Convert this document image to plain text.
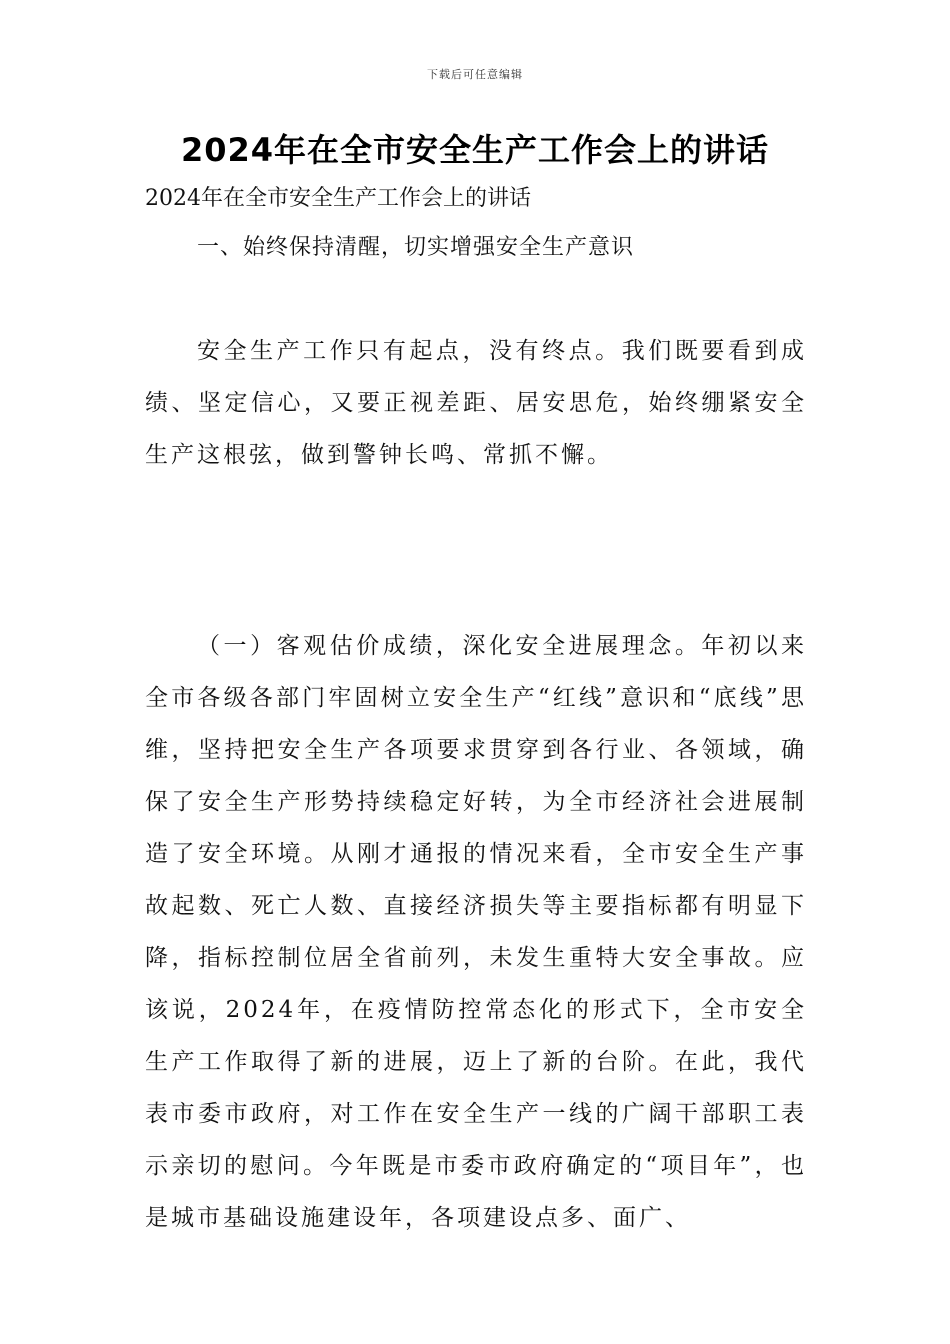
下载后可任意编辑
2024年在全市安全生产工作会上的讲话

2024年在全市安全生产工作会上的讲话

一、始终保持清醒，切实增强安全生产意识

安全生产工作只有起点，没有终点。我们既要看到成绩、坚定信心，又要正视差距、居安思危，始终绷紧安全生产这根弦，做到警钟长鸣、常抓不懈。

（一）客观估价成绩，深化安全进展理念。年初以来全市各级各部门牢固树立安全生产“红线”意识和“底线”思维，坚持把安全生产各项要求贯穿到各行业、各领域，确保了安全生产形势持续稳定好转，为全市经济社会进展制造了安全环境。从刚才通报的情况来看，全市安全生产事故起数、死亡人数、直接经济损失等主要指标都有明显下降，指标控制位居全省前列，未发生重特大安全事故。应该说，2024年，在疫情防控常态化的形式下，全市安全生产工作取得了新的进展，迈上了新的台阶。在此，我代表市委市政府，对工作在安全生产一线的广阔干部职工表示亲切的慰问。今年既是市委市政府确定的“项目年”，也是城市基础设施建设年，各项建设点多、面广、
